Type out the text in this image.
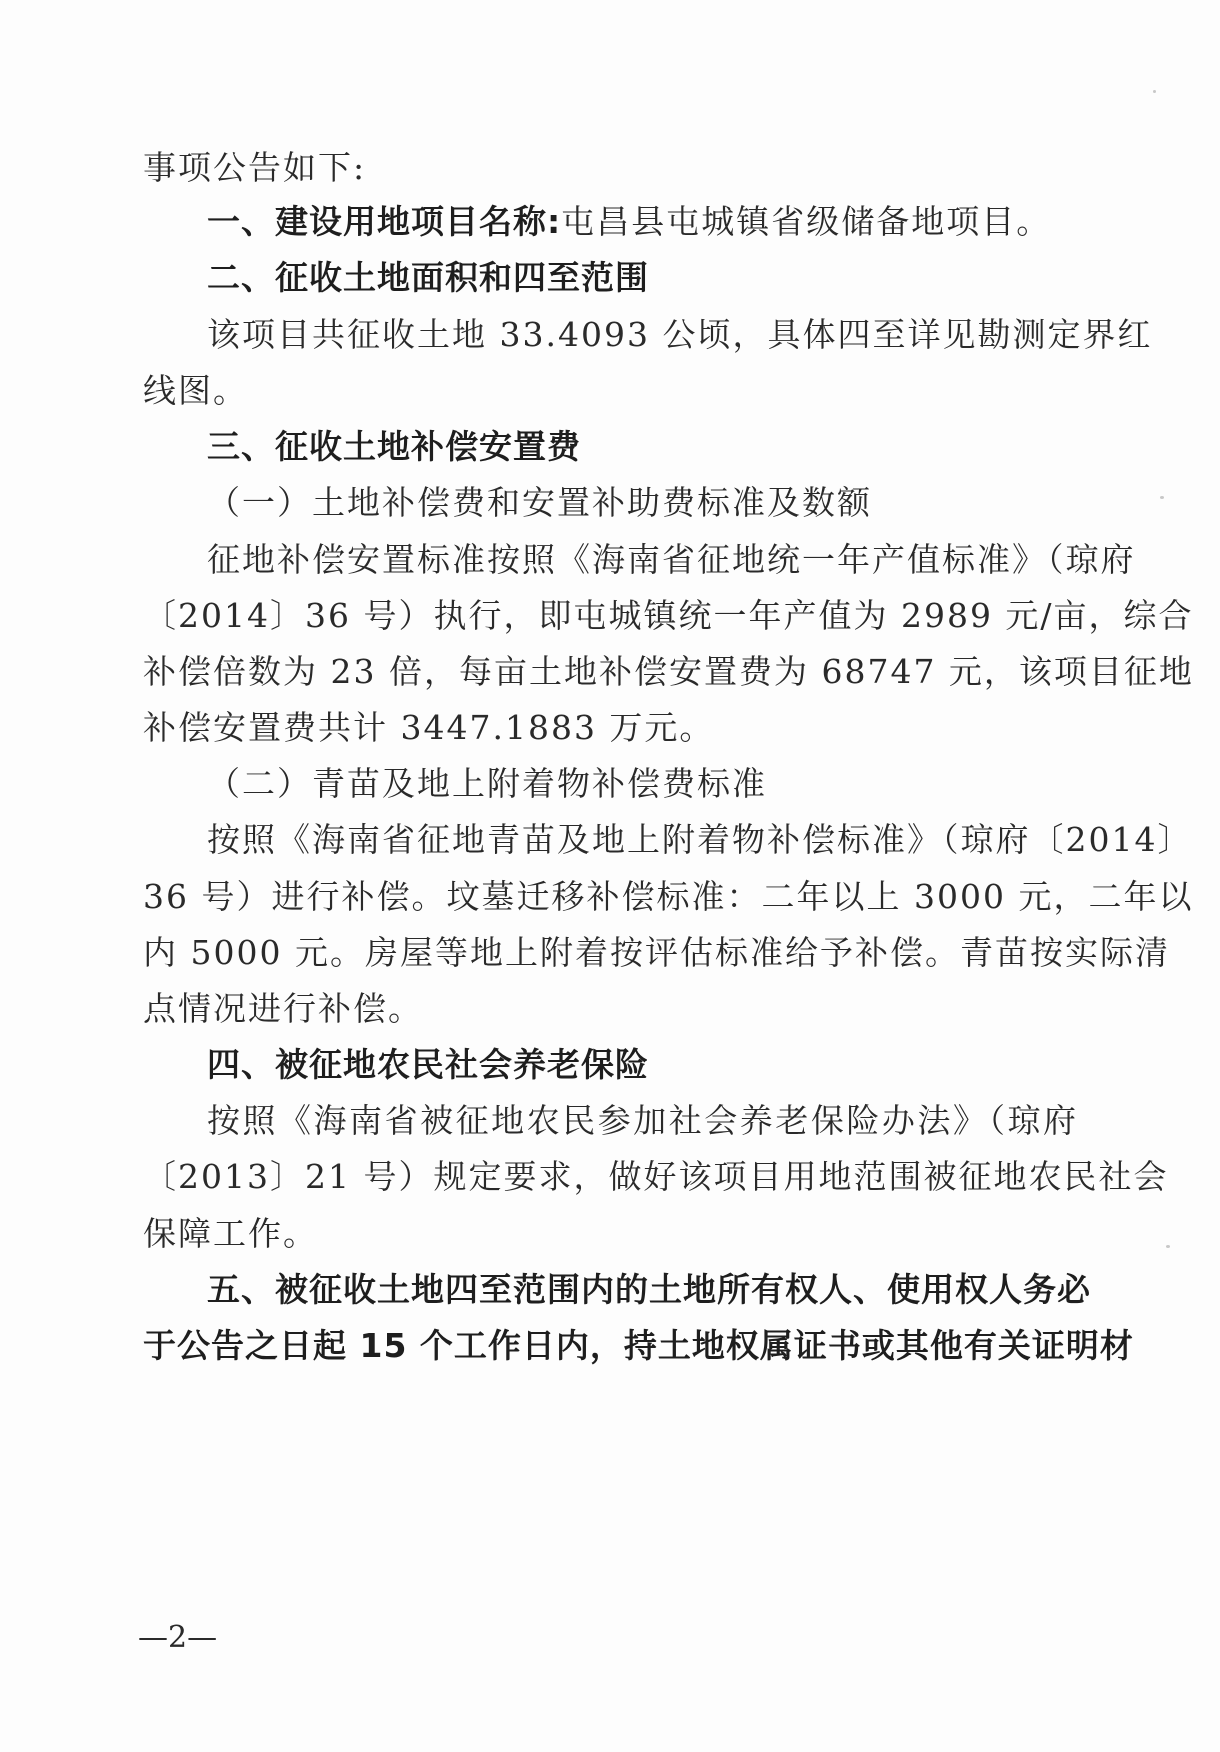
事项公告如下:
一、建设用地项目名称:屯昌县屯城镇省级储备地项目。
二、征收土地面积和四至范围
该项目共征收土地 33.4093 公顷，具体四至详见勘测定界红
线图。
三、征收土地补偿安置费
（一）土地补偿费和安置补助费标准及数额
征地补偿安置标准按照《海南省征地统一年产值标准》（琼府
〔2014〕36 号）执行，即屯城镇统一年产值为 2989 元/亩，综合
补偿倍数为 23 倍，每亩土地补偿安置费为 68747 元，该项目征地
补偿安置费共计 3447.1883 万元。
（二）青苗及地上附着物补偿费标准
按照《海南省征地青苗及地上附着物补偿标准》（琼府〔2014〕
36 号）进行补偿。坟墓迁移补偿标准：二年以上 3000 元，二年以
内 5000 元。房屋等地上附着按评估标准给予补偿。青苗按实际清
点情况进行补偿。
四、被征地农民社会养老保险
按照《海南省被征地农民参加社会养老保险办法》（琼府
〔2013〕21 号）规定要求，做好该项目用地范围被征地农民社会
保障工作。
五、被征收土地四至范围内的土地所有权人、使用权人务必
于公告之日起 15 个工作日内，持土地权属证书或其他有关证明材
—2—
